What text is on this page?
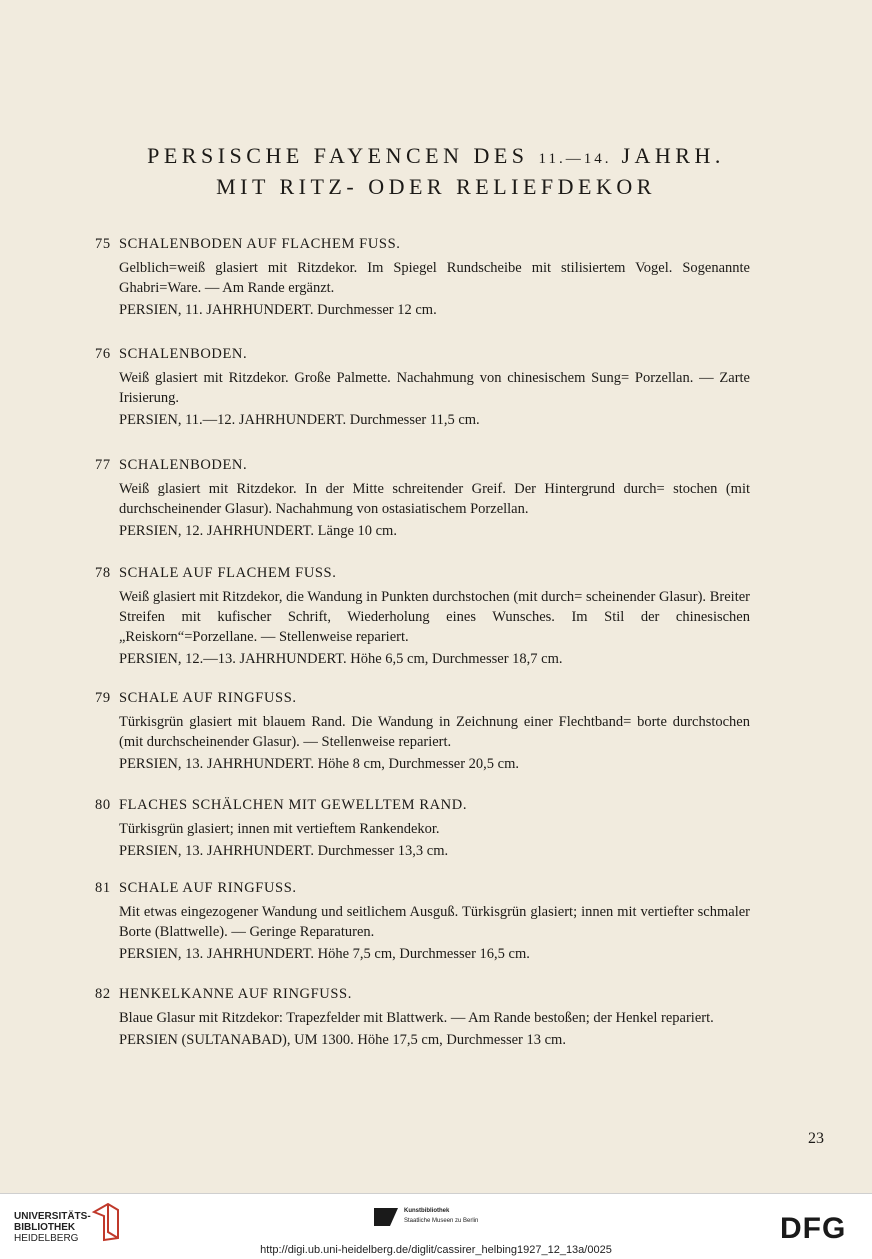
PERSISCHE FAYENCEN DES 11.—14. JAHRH.
MIT RITZ- ODER RELIEFDEKOR
75 SCHALENBODEN AUF FLACHEM FUSS.
Gelblich=weiß glasiert mit Ritzdekor. Im Spiegel Rundscheibe mit stilisiertem Vogel. Sogenannte Ghabri=Ware. — Am Rande ergänzt.
PERSIEN, 11. JAHRHUNDERT. Durchmesser 12 cm.
76 SCHALENBODEN.
Weiß glasiert mit Ritzdekor. Große Palmette. Nachahmung von chinesischem Sung= Porzellan. — Zarte Irisierung.
PERSIEN, 11.—12. JAHRHUNDERT. Durchmesser 11,5 cm.
77 SCHALENBODEN.
Weiß glasiert mit Ritzdekor. In der Mitte schreitender Greif. Der Hintergrund durch= stochen (mit durchscheinender Glasur). Nachahmung von ostasiatischem Porzellan.
PERSIEN, 12. JAHRHUNDERT. Länge 10 cm.
78 SCHALE AUF FLACHEM FUSS.
Weiß glasiert mit Ritzdekor, die Wandung in Punkten durchstochen (mit durch= scheinender Glasur). Breiter Streifen mit kufischer Schrift, Wiederholung eines Wunsches. Im Stil der chinesischen „Reiskorn“=Porzellane. — Stellenweise repariert.
PERSIEN, 12.—13. JAHRHUNDERT. Höhe 6,5 cm, Durchmesser 18,7 cm.
79 SCHALE AUF RINGFUSS.
Türkisgrün glasiert mit blauem Rand. Die Wandung in Zeichnung einer Flechtband= borte durchstochen (mit durchscheinender Glasur). — Stellenweise repariert.
PERSIEN, 13. JAHRHUNDERT. Höhe 8 cm, Durchmesser 20,5 cm.
80 FLACHES SCHÄLCHEN MIT GEWELLTEM RAND.
Türkisgrün glasiert; innen mit vertieftem Rankendekor.
PERSIEN, 13. JAHRHUNDERT. Durchmesser 13,3 cm.
81 SCHALE AUF RINGFUSS.
Mit etwas eingezogener Wandung und seitlichem Ausguß. Türkisgrün glasiert; innen mit vertiefter schmaler Borte (Blattwelle). — Geringe Reparaturen.
PERSIEN, 13. JAHRHUNDERT. Höhe 7,5 cm, Durchmesser 16,5 cm.
82 HENKELKANNE AUF RINGFUSS.
Blaue Glasur mit Ritzdekor: Trapezfelder mit Blattwerk. — Am Rande bestoßen; der Henkel repariert.
PERSIEN (SULTANABAD), UM 1300. Höhe 17,5 cm, Durchmesser 13 cm.
23
UNIVERSITÄTS-
BIBLIOTHEK
HEIDELBERG
Kunstbibliothek
Staatliche Museen zu Berlin	DFG
http://digi.ub.uni-heidelberg.de/diglit/cassirer_helbing1927_12_13a/0025
